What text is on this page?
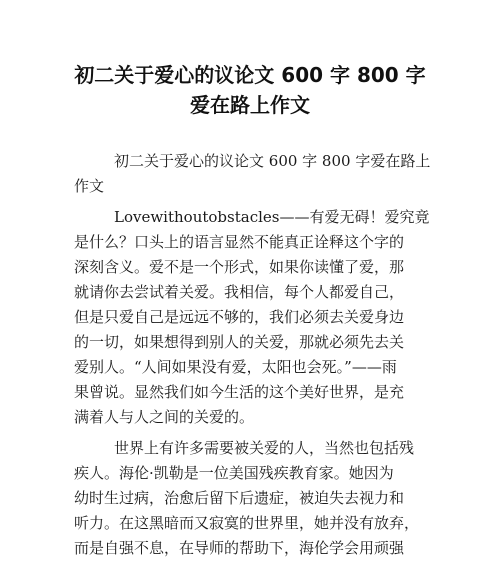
初二关于爱心的议论文 600 字 800 字
爱在路上作文
初二关于爱心的议论文 600 字 800 字爱在路上
作文
Lovewithoutobstacles——有爱无碍！爱究竟
是什么？口头上的语言显然不能真正诠释这个字的
深刻含义。爱不是一个形式，如果你读懂了爱，那
就请你去尝试着关爱。我相信，每个人都爱自己，
但是只爱自己是远远不够的，我们必须去关爱身边
的一切，如果想得到别人的关爱，那就必须先去关
爱别人。“人间如果没有爱，太阳也会死。”——雨
果曾说。显然我们如今生活的这个美好世界，是充
满着人与人之间的关爱的。
世界上有许多需要被关爱的人，当然也包括残
疾人。海伦·凯勒是一位美国残疾教育家。她因为
幼时生过病，治愈后留下后遗症，被迫失去视力和
听力。在这黑暗而又寂寞的世界里，她并没有放弃，
而是自强不息，在导师的帮助下，海伦学会用顽强
